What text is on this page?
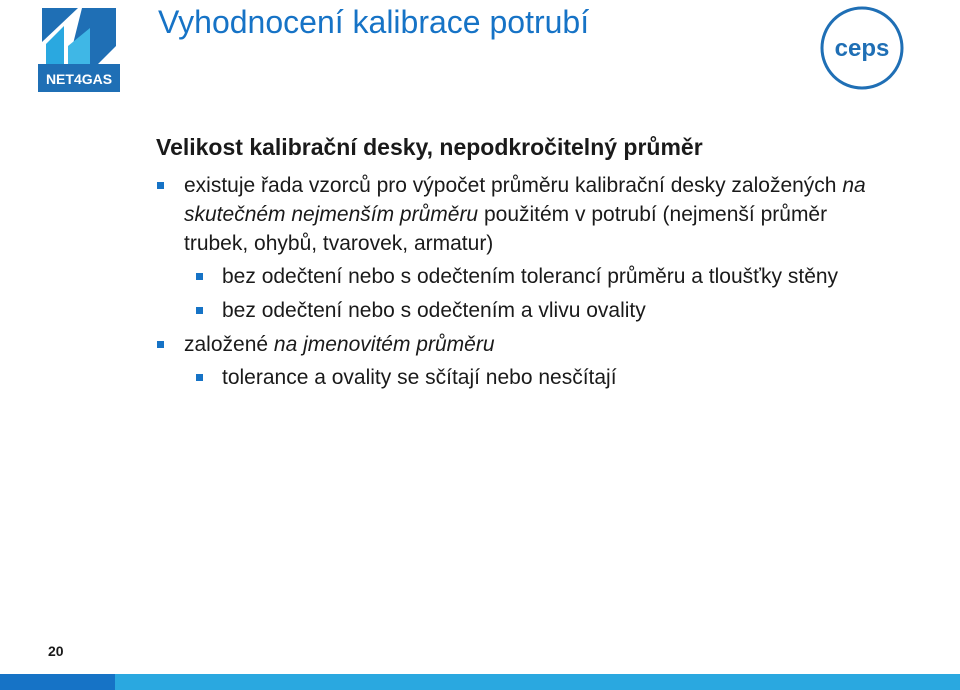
NET4GAS
Vyhodnocení kalibrace potrubí
ceps

Velikost kalibrační desky, nepodkročitelný průměr

existuje řada vzorců pro výpočet průměru kalibrační desky založených na skutečném nejmenším průměru použitém v potrubí (nejmenší průměr trubek, ohybů, tvarovek, armatur)
bez odečtení nebo s odečtením tolerancí průměru a tloušťky stěny
bez odečtení nebo s odečtením a vlivu ovality
založené na jmenovitém průměru
tolerance a ovality se sčítají nebo nesčítají
20
